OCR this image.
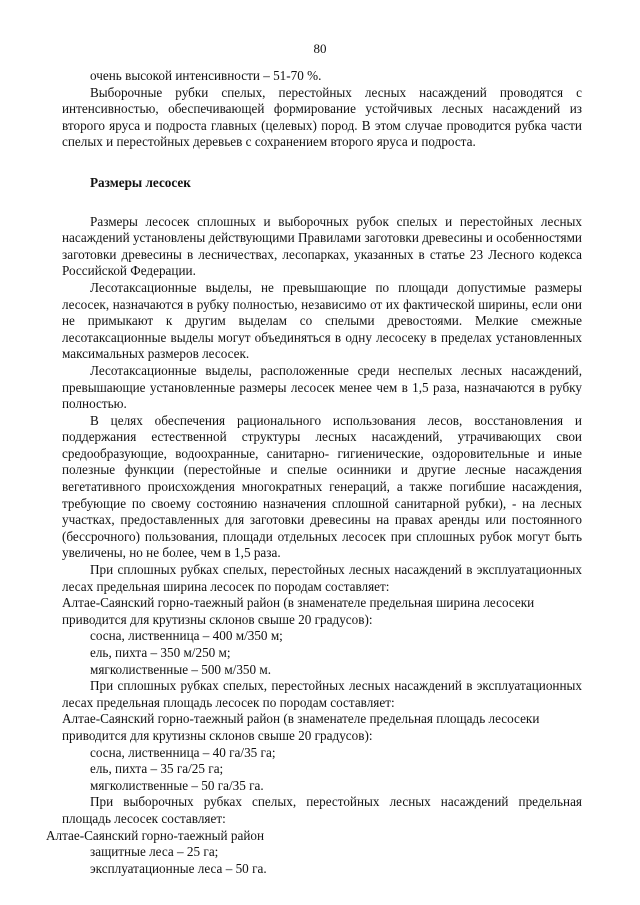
80

очень высокой интенсивности – 51-70 %.

Выборочные рубки спелых, перестойных лесных насаждений проводятся с интенсивностью, обеспечивающей формирование устойчивых лесных насаждений из второго яруса и подроста главных (целевых) пород. В этом случае проводится рубка части спелых и перестойных деревьев с сохранением второго яруса и подроста.

Размеры лесосек

Размеры лесосек сплошных и выборочных рубок спелых и перестойных лесных насаждений установлены действующими Правилами заготовки древесины и особенностями заготовки древесины в лесничествах, лесопарках, указанных в статье 23 Лесного кодекса Российской Федерации.

Лесотаксационные выделы, не превышающие по площади допустимые размеры лесосек, назначаются в рубку полностью, независимо от их фактической ширины, если они не примыкают к другим выделам со спелыми древостоями. Мелкие смежные лесотаксационные выделы могут объединяться в одну лесосеку в пределах установленных максимальных размеров лесосек.

Лесотаксационные выделы, расположенные среди неспелых лесных насаждений, превышающие установленные размеры лесосек менее чем в 1,5 раза, назначаются в рубку полностью.

В целях обеспечения рационального использования лесов, восстановления и поддержания естественной структуры лесных насаждений, утрачивающих свои средообразующие, водоохранные, санитарно- гигиенические, оздоровительные и иные полезные функции (перестойные и спелые осинники и другие лесные насаждения вегетативного происхождения многократных генераций, а также погибшие насаждения, требующие по своему состоянию назначения сплошной санитарной рубки), - на лесных участках, предоставленных для заготовки древесины на правах аренды или постоянного (бессрочного) пользования, площади отдельных лесосек при сплошных рубок могут быть увеличены, но не более, чем в 1,5 раза.

При сплошных рубках спелых, перестойных лесных насаждений в эксплуатационных лесах предельная ширина лесосек по породам составляет:

Алтае-Саянский горно-таежный район (в знаменателе предельная ширина лесосеки приводится для крутизны склонов свыше 20 градусов):

сосна, лиственница – 400 м/350 м;

ель, пихта – 350 м/250 м;

мягколиственные – 500 м/350 м.

При сплошных рубках спелых, перестойных лесных насаждений в эксплуатационных лесах предельная площадь лесосек по породам составляет:

Алтае-Саянский горно-таежный район (в знаменателе предельная площадь лесосеки приводится для крутизны склонов свыше 20 градусов):

сосна, лиственница – 40 га/35 га;

ель, пихта – 35 га/25 га;

мягколиственные – 50 га/35 га.

При выборочных рубках спелых, перестойных лесных насаждений предельная площадь лесосек составляет:

Алтае-Саянский горно-таежный район

защитные леса – 25 га;

эксплуатационные леса – 50 га.
